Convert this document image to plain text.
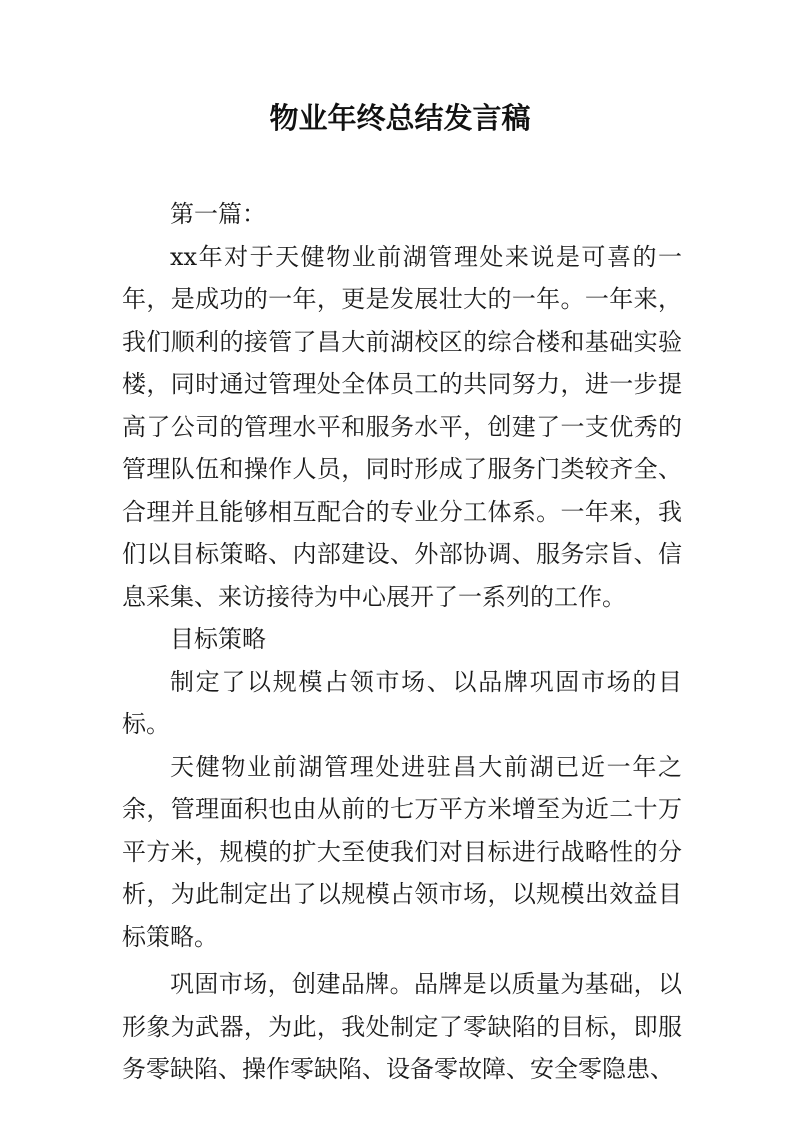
物业年终总结发言稿

第一篇：

xx年对于天健物业前湖管理处来说是可喜的一年，是成功的一年，更是发展壮大的一年。一年来，我们顺利的接管了昌大前湖校区的综合楼和基础实验楼，同时通过管理处全体员工的共同努力，进一步提高了公司的管理水平和服务水平，创建了一支优秀的管理队伍和操作人员，同时形成了服务门类较齐全、合理并且能够相互配合的专业分工体系。一年来，我们以目标策略、内部建设、外部协调、服务宗旨、信息采集、来访接待为中心展开了一系列的工作。

目标策略

制定了以规模占领市场、以品牌巩固市场的目标。

天健物业前湖管理处进驻昌大前湖已近一年之余，管理面积也由从前的七万平方米增至为近二十万平方米，规模的扩大至使我们对目标进行战略性的分析，为此制定出了以规模占领市场，以规模出效益目标策略。

巩固市场，创建品牌。品牌是以质量为基础，以形象为武器，为此，我处制定了零缺陷的目标，即服务零缺陷、操作零缺陷、设备零故障、安全零隐患、
